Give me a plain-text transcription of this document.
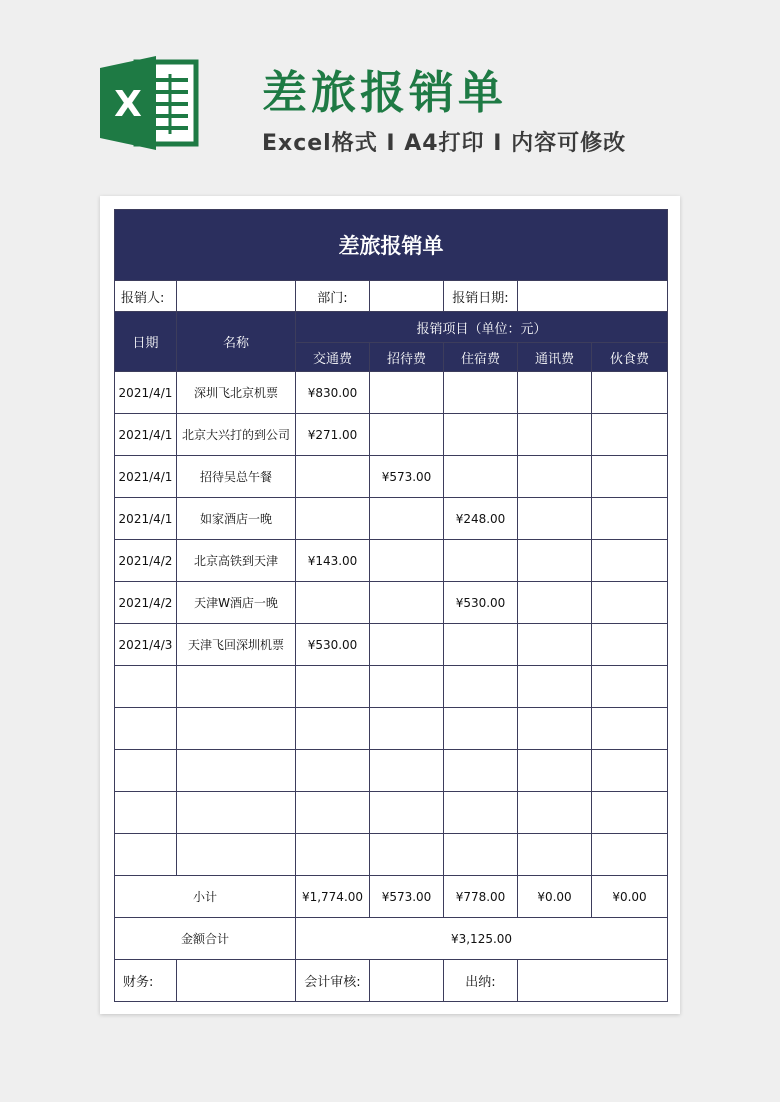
X	差旅报销单
Excel格式 I A4打印 I 内容可修改
差旅报销单						
报销人:		部门:		报销日期:		
日期	名称	报销项目（单位：元）				
		交通费	招待费	住宿费	通讯费	伙食费
2021/4/1	深圳飞北京机票	¥830.00				
2021/4/1	北京大兴打的到公司	¥271.00				
2021/4/1	招待吴总午餐		¥573.00			
2021/4/1	如家酒店一晚			¥248.00		
2021/4/2	北京高铁到天津	¥143.00				
2021/4/2	天津W酒店一晚			¥530.00		
2021/4/3	天津飞回深圳机票	¥530.00				

小计		¥1,774.00	¥573.00	¥778.00	¥0.00	¥0.00
金额合计		¥3,125.00				
财务:		会计审核:		出纳:		
